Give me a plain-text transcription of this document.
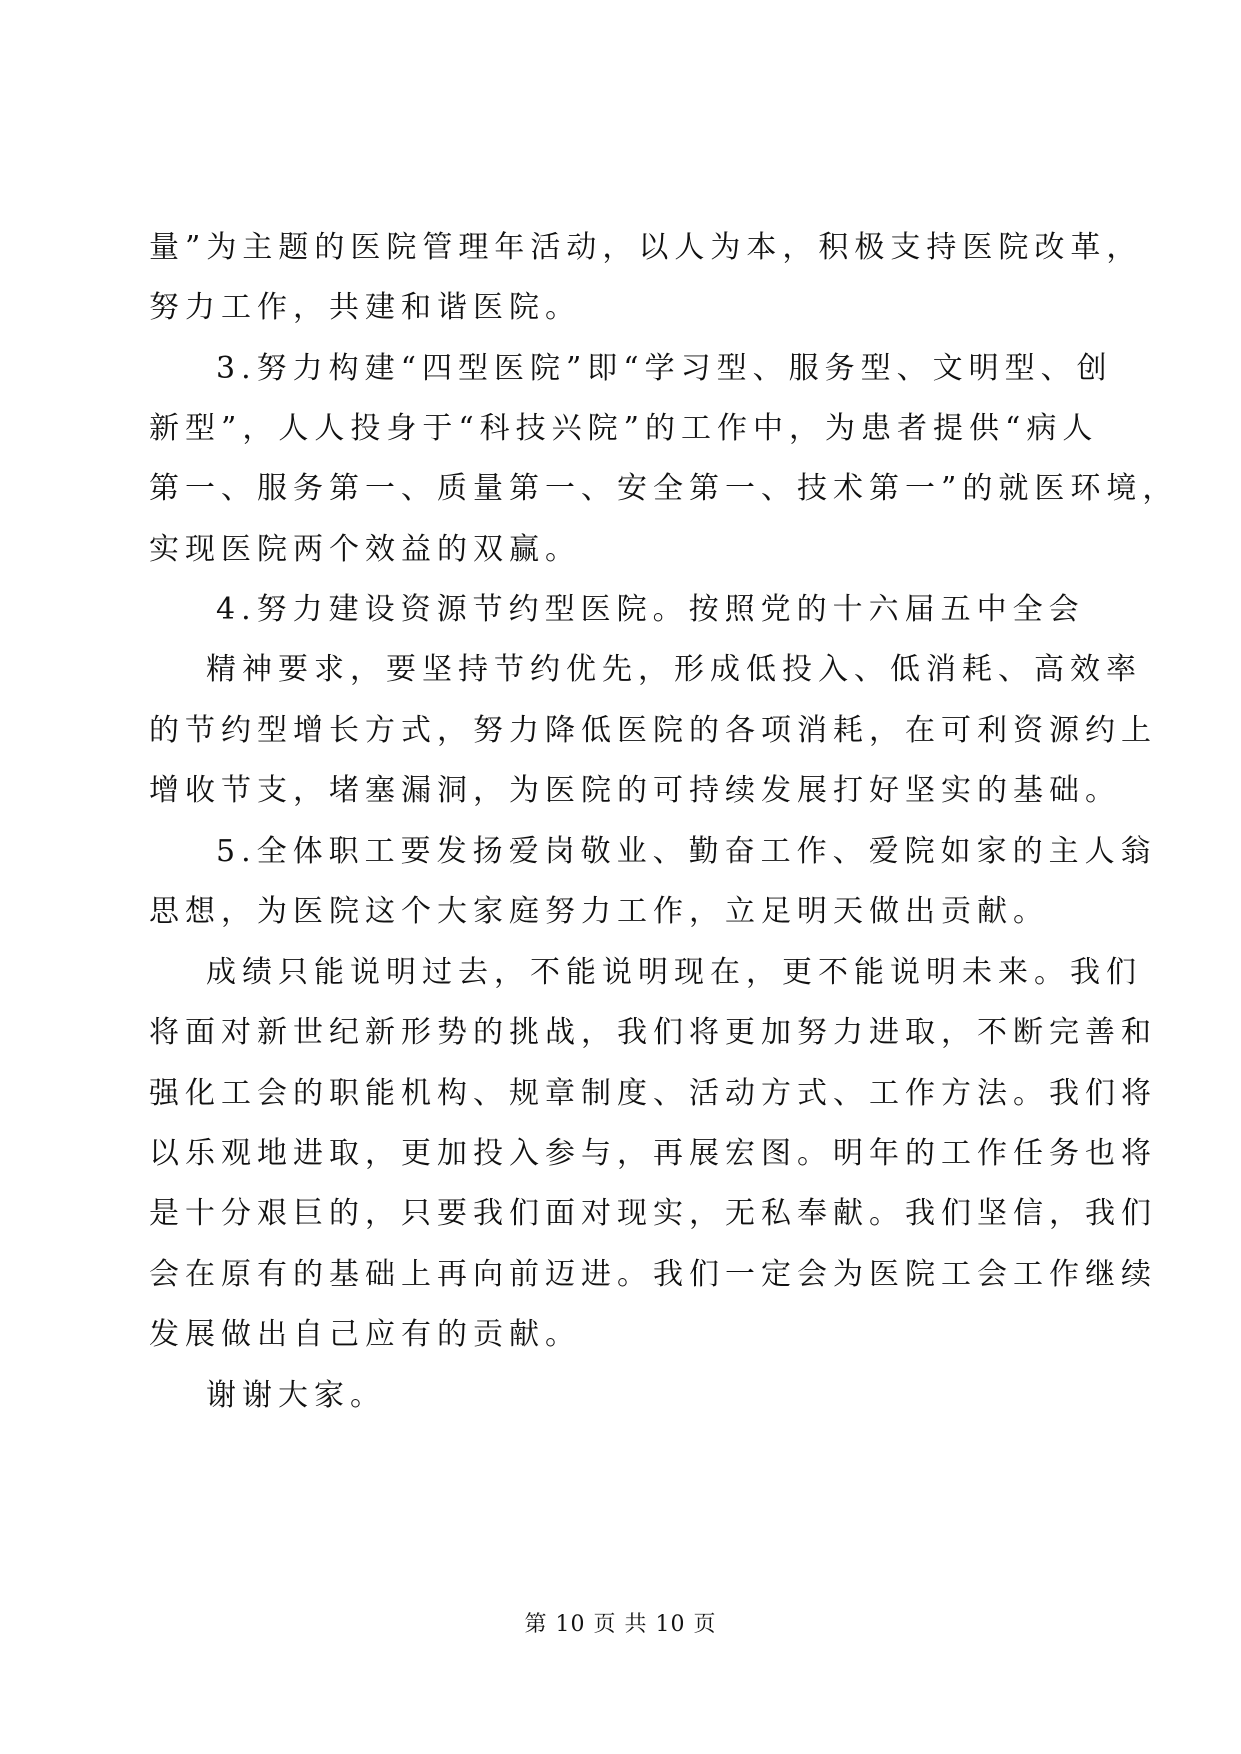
量”为主题的医院管理年活动，以人为本，积极支持医院改革，
努力工作，共建和谐医院。
3.努力构建“四型医院”即“学习型、服务型、文明型、创
新型”，人人投身于“科技兴院”的工作中，为患者提供“病人
第一、服务第一、质量第一、安全第一、技术第一”的就医环境，
实现医院两个效益的双赢。
4.努力建设资源节约型医院。按照党的十六届五中全会
精神要求，要坚持节约优先，形成低投入、低消耗、高效率
的节约型增长方式，努力降低医院的各项消耗，在可利资源约上
增收节支，堵塞漏洞，为医院的可持续发展打好坚实的基础。
5.全体职工要发扬爱岗敬业、勤奋工作、爱院如家的主人翁
思想，为医院这个大家庭努力工作，立足明天做出贡献。
成绩只能说明过去，不能说明现在，更不能说明未来。我们
将面对新世纪新形势的挑战，我们将更加努力进取，不断完善和
强化工会的职能机构、规章制度、活动方式、工作方法。我们将
以乐观地进取，更加投入参与，再展宏图。明年的工作任务也将
是十分艰巨的，只要我们面对现实，无私奉献。我们坚信，我们
会在原有的基础上再向前迈进。我们一定会为医院工会工作继续
发展做出自己应有的贡献。
谢谢大家。
第 10 页 共 10 页
